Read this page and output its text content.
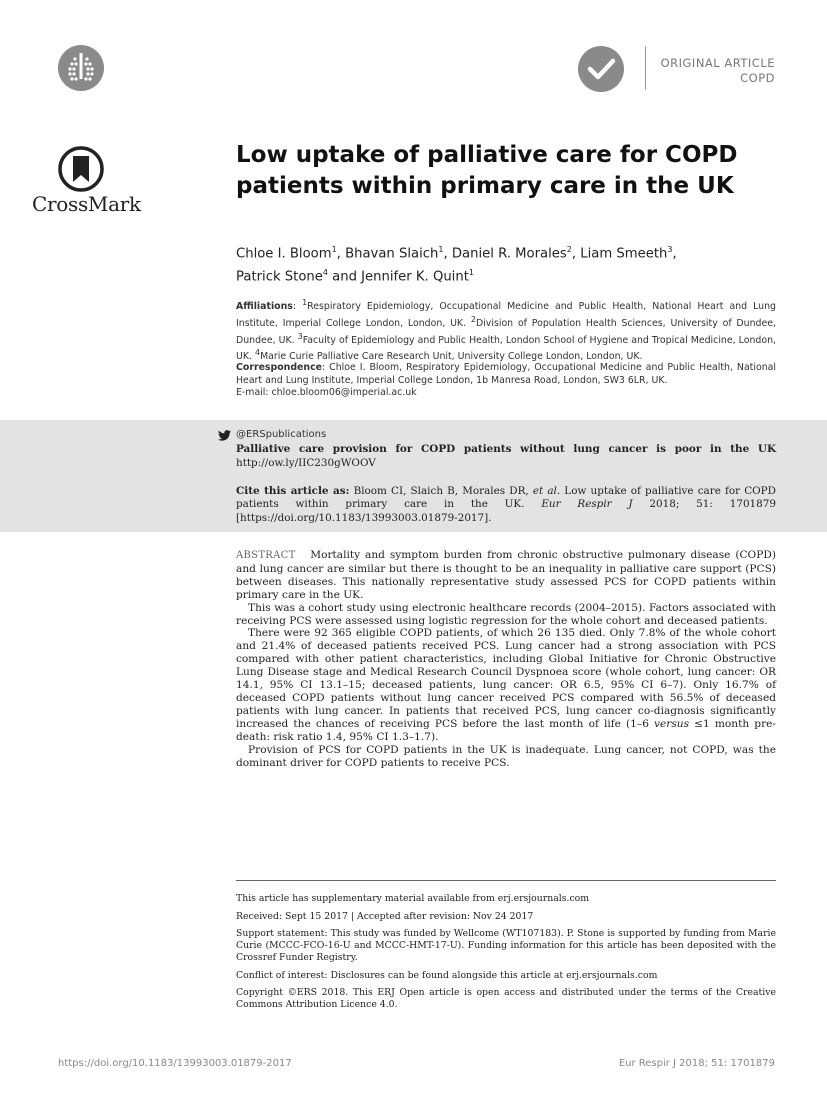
ORIGINAL ARTICLE
COPD
CrossMark
Low uptake of palliative care for COPD
patients within primary care in the UK
Chloe I. Bloom$^1$, Bhavan Slaich$^1$, Daniel R. Morales$^2$, Liam Smeeth$^3$,
Patrick Stone$^4$ and Jennifer K. Quint$^1$
Affiliations: $^1$Respiratory Epidemiology, Occupational Medicine and Public Health, National Heart and Lung Institute, Imperial College London, London, UK. $^2$Division of Population Health Sciences, University of Dundee, Dundee, UK. $^3$Faculty of Epidemiology and Public Health, London School of Hygiene and Tropical Medicine, London, UK. $^4$Marie Curie Palliative Care Research Unit, University College London, London, UK.
Correspondence: Chloe I. Bloom, Respiratory Epidemiology, Occupational Medicine and Public Health, National Heart and Lung Institute, Imperial College London, 1b Manresa Road, London, SW3 6LR, UK.
E-mail: chloe.bloom06@imperial.ac.uk
@ERSpublications
Palliative care provision for COPD patients without lung cancer is poor in the UK
http://ow.ly/IIC230gWOOV
Cite this article as: Bloom CI, Slaich B, Morales DR, et al. Low uptake of palliative care for COPD patients within primary care in the UK. Eur Respir J 2018; 51: 1701879 [https://doi.org/10.1183/13993003.01879-2017].

ABSTRACT Mortality and symptom burden from chronic obstructive pulmonary disease (COPD) and lung cancer are similar but there is thought to be an inequality in palliative care support (PCS) between diseases. This nationally representative study assessed PCS for COPD patients within primary care in the UK.

This was a cohort study using electronic healthcare records (2004–2015). Factors associated with receiving PCS were assessed using logistic regression for the whole cohort and deceased patients.

There were 92 365 eligible COPD patients, of which 26 135 died. Only 7.8% of the whole cohort and 21.4% of deceased patients received PCS. Lung cancer had a strong association with PCS compared with other patient characteristics, including Global Initiative for Chronic Obstructive Lung Disease stage and Medical Research Council Dyspnoea score (whole cohort, lung cancer: OR 14.1, 95% CI 13.1–15; deceased patients, lung cancer: OR 6.5, 95% CI 6–7). Only 16.7% of deceased COPD patients without lung cancer received PCS compared with 56.5% of deceased patients with lung cancer. In patients that received PCS, lung cancer co-diagnosis significantly increased the chances of receiving PCS before the last month of life (1–6 versus ≤1 month pre-death: risk ratio 1.4, 95% CI 1.3–1.7).

Provision of PCS for COPD patients in the UK is inadequate. Lung cancer, not COPD, was the dominant driver for COPD patients to receive PCS.

This article has supplementary material available from erj.ersjournals.com

Received: Sept 15 2017 | Accepted after revision: Nov 24 2017

Support statement: This study was funded by Wellcome (WT107183). P. Stone is supported by funding from Marie Curie (MCCC-FCO-16-U and MCCC-HMT-17-U). Funding information for this article has been deposited with the Crossref Funder Registry.

Conflict of interest: Disclosures can be found alongside this article at erj.ersjournals.com

Copyright ©ERS 2018. This ERJ Open article is open access and distributed under the terms of the Creative Commons Attribution Licence 4.0.

https://doi.org/10.1183/13993003.01879-2017	Eur Respir J 2018; 51: 1701879
